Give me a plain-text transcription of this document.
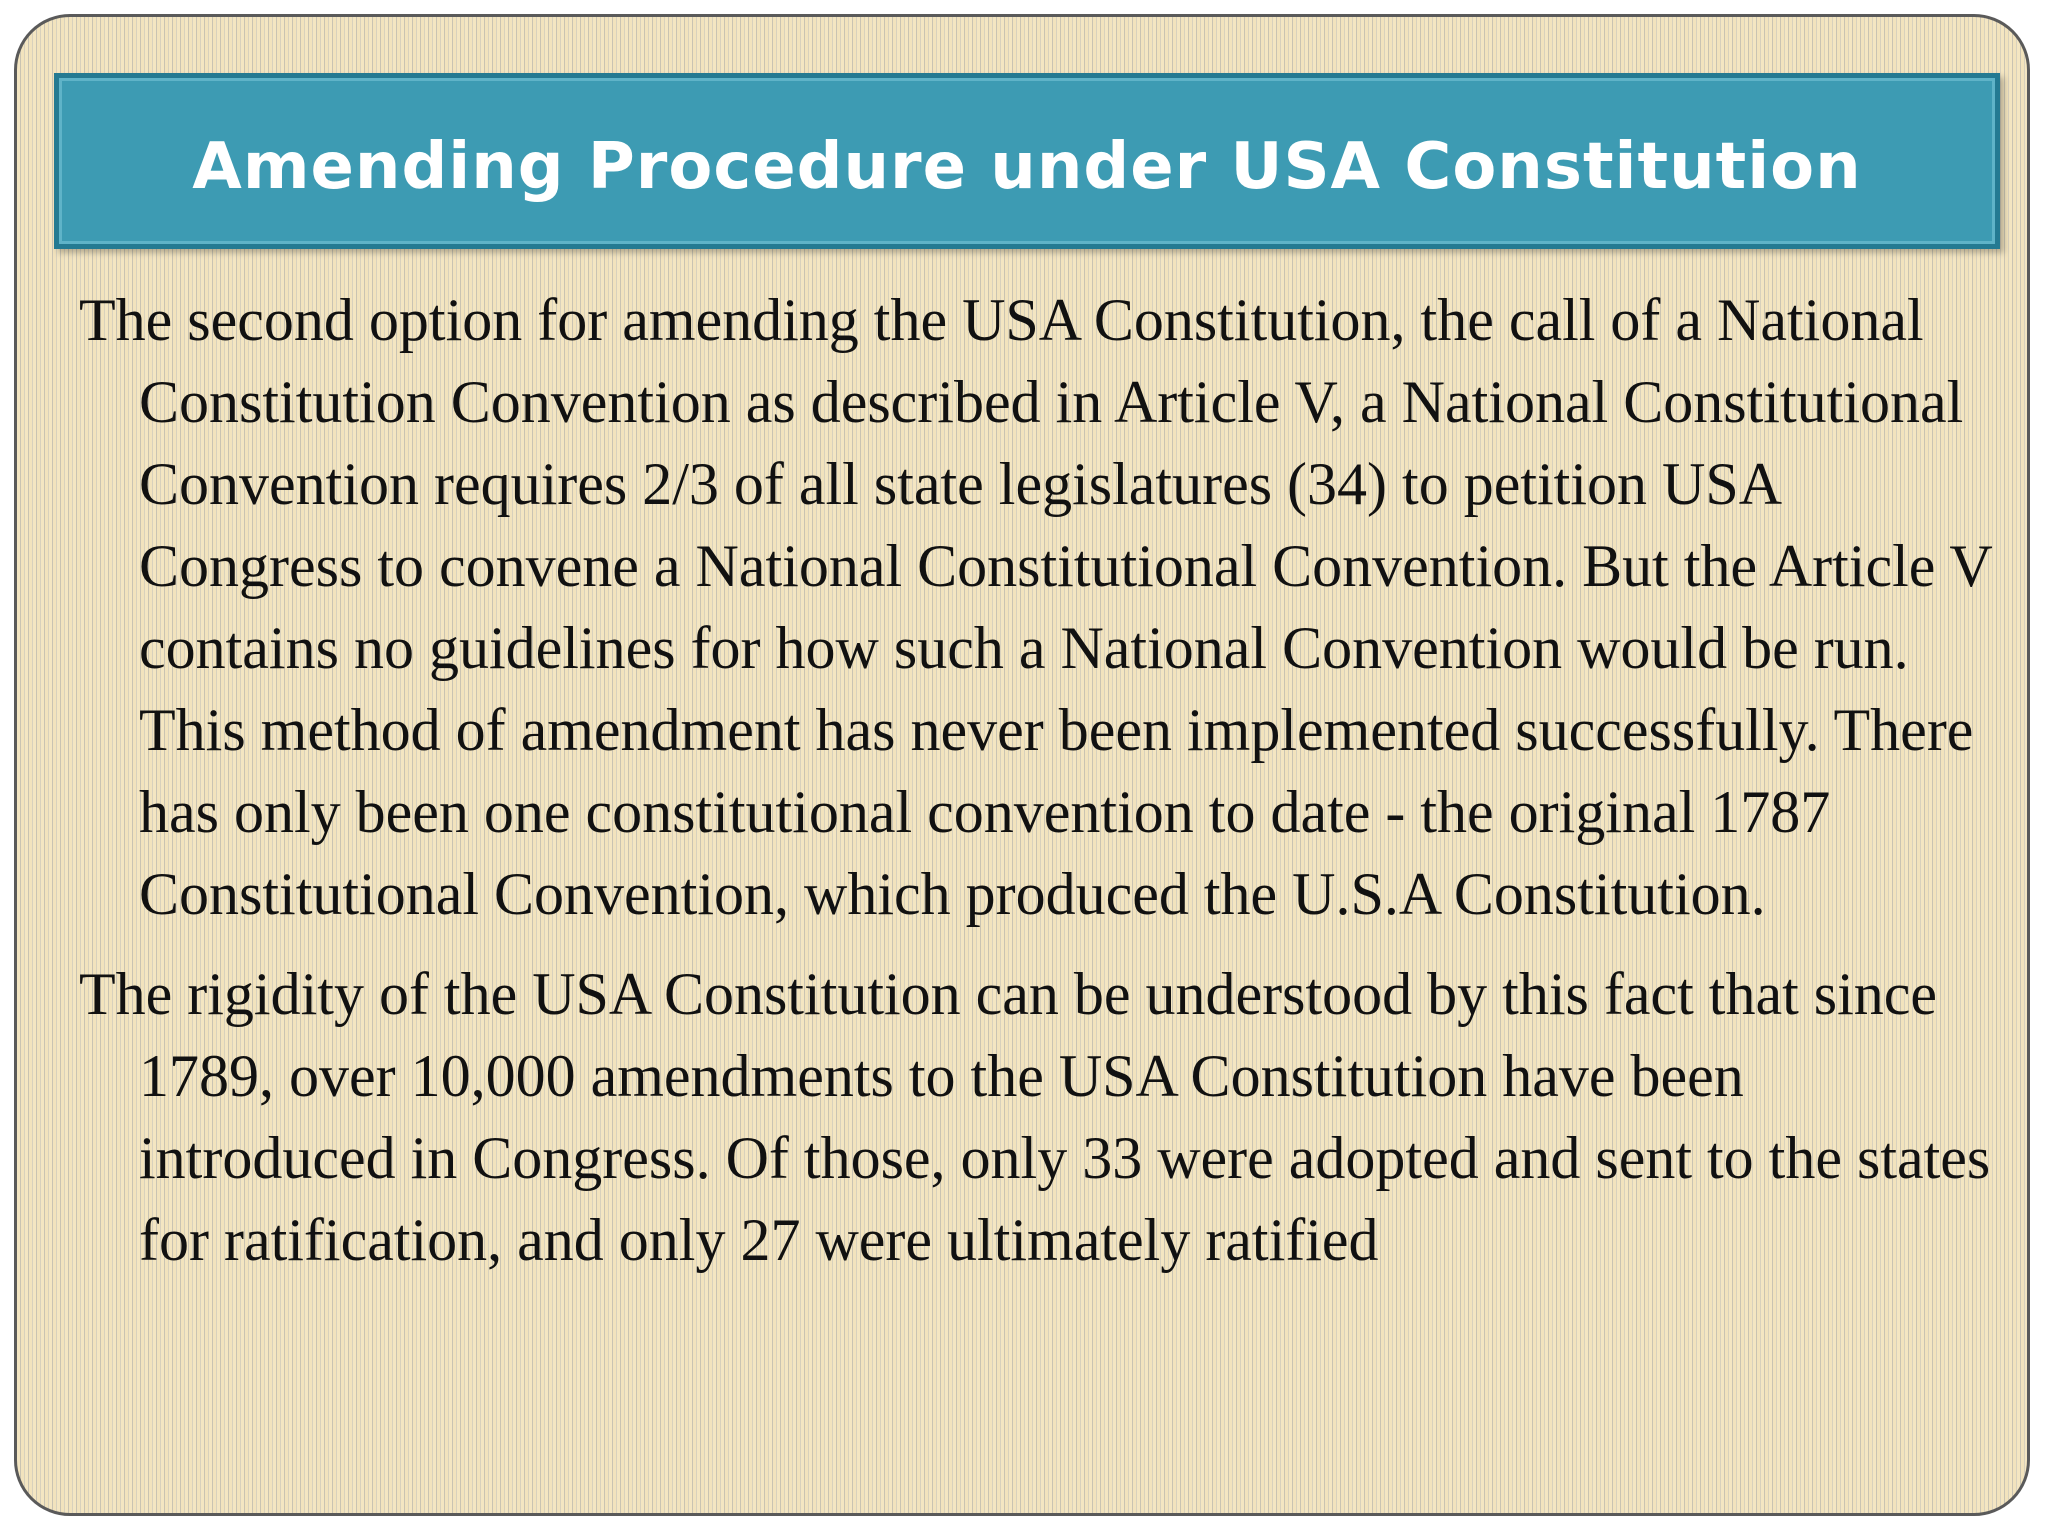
Amending Procedure under USA Constitution

The second option for amending the USA Constitution, the call of a National Constitution Convention as described in Article V, a National Constitutional Convention requires 2/3 of all state legislatures (34) to petition USA Congress to convene a National Constitutional Convention. But the Article V contains no guidelines for how such a National Convention would be run. This method of amendment has never been implemented successfully. There has only been one constitutional convention to date - the original 1787 Constitutional Convention, which produced the U.S.A Constitution.

The rigidity of the USA Constitution can be understood by this fact that since 1789, over 10,000 amendments to the USA Constitution have been introduced in Congress. Of those, only 33 were adopted and sent to the states for ratification, and only 27 were ultimately ratified
